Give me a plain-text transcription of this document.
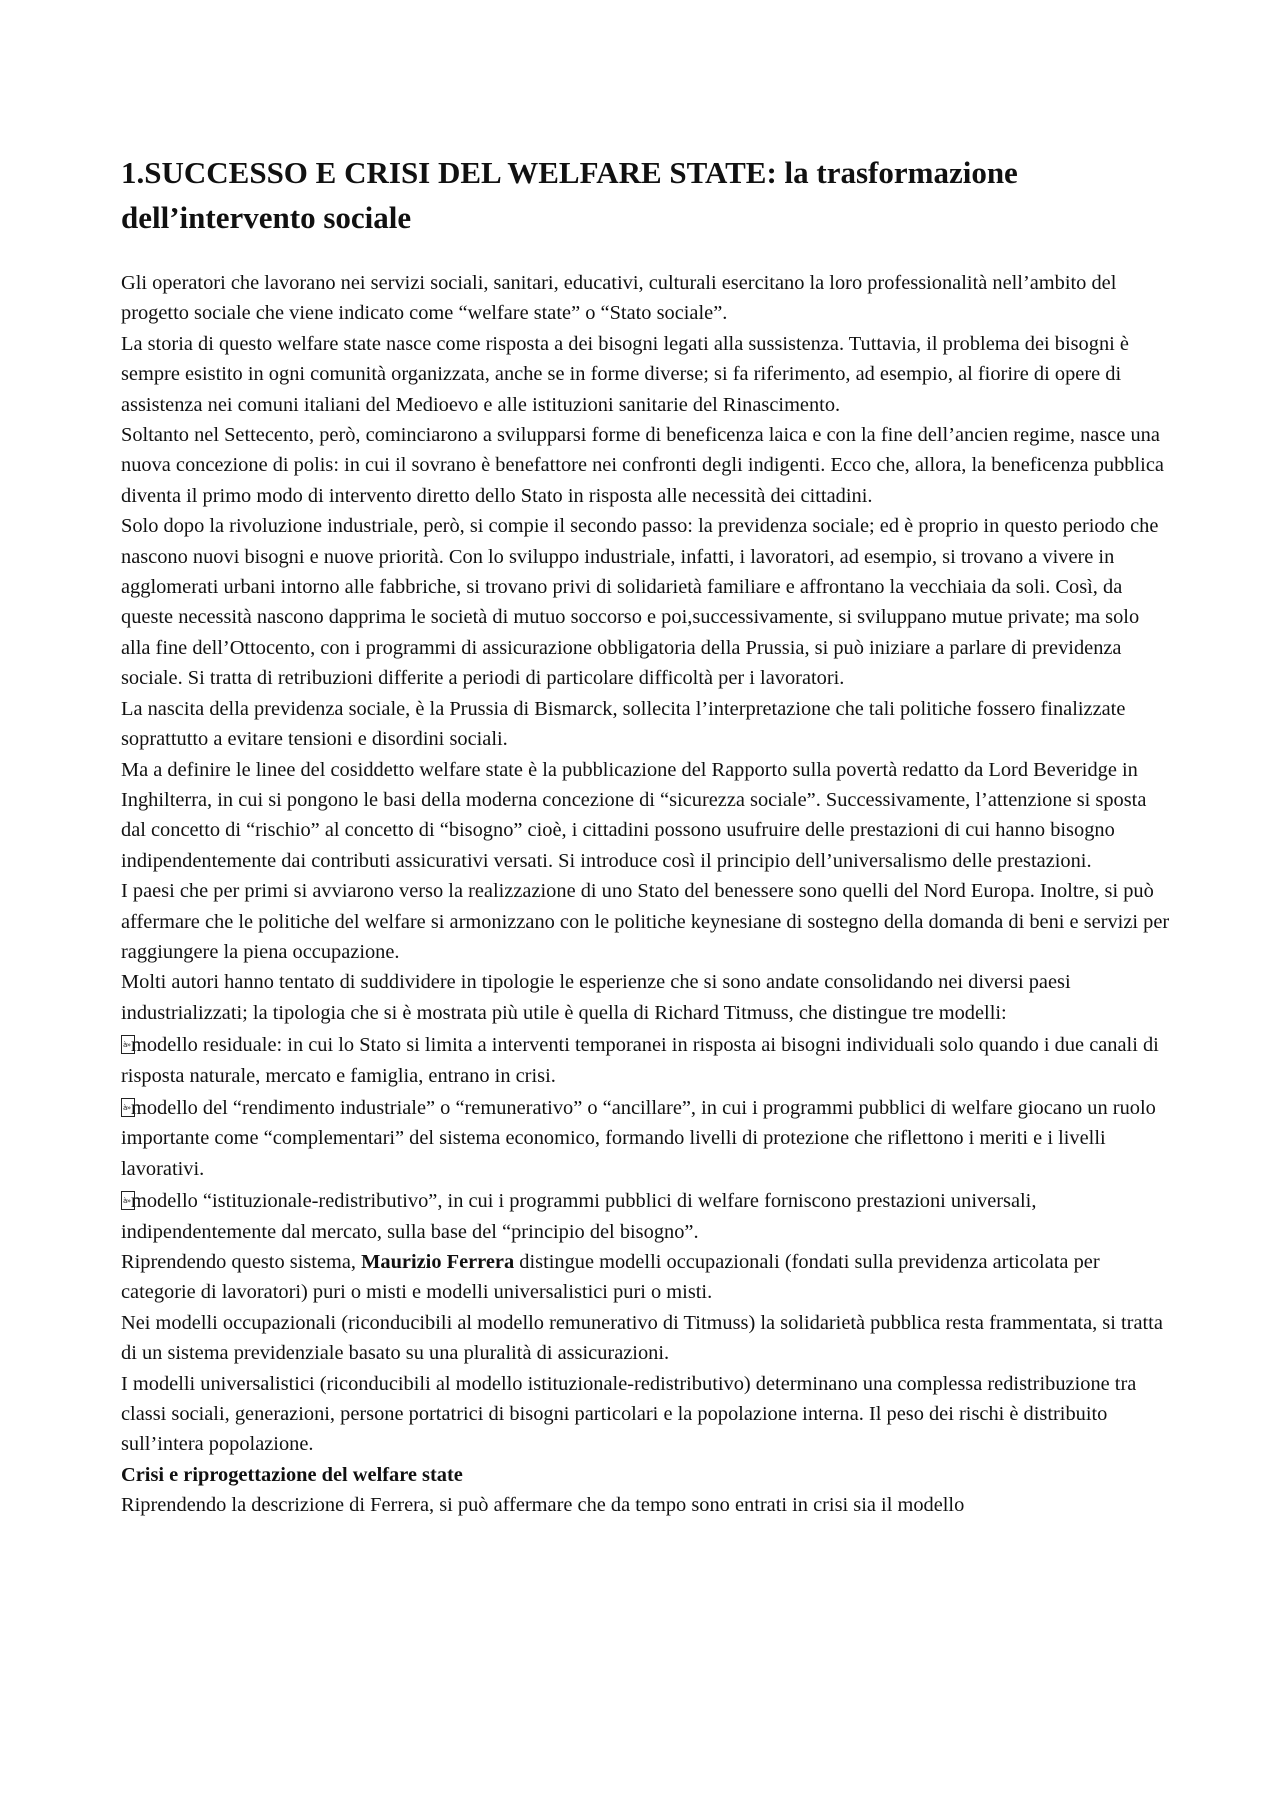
1.SUCCESSO E CRISI DEL WELFARE STATE: la trasformazione dell’intervento sociale

Gli operatori che lavorano nei servizi sociali, sanitari, educativi, culturali esercitano la loro professionalità nell’ambito del progetto sociale che viene indicato come “welfare state” o “Stato sociale”.

La storia di questo welfare state nasce come risposta a dei bisogni legati alla sussistenza. Tuttavia, il problema dei bisogni è sempre esistito in ogni comunità organizzata, anche se in forme diverse; si fa riferimento, ad esempio, al fiorire di opere di assistenza nei comuni italiani del Medioevo e alle istituzioni sanitarie del Rinascimento.

Soltanto nel Settecento, però, cominciarono a svilupparsi forme di beneficenza laica e con la fine dell’ancien regime, nasce una nuova concezione di polis: in cui il sovrano è benefattore nei confronti degli indigenti. Ecco che, allora, la beneficenza pubblica diventa il primo modo di intervento diretto dello Stato in risposta alle necessità dei cittadini.

Solo dopo la rivoluzione industriale, però, si compie il secondo passo: la previdenza sociale; ed è proprio in questo periodo che nascono nuovi bisogni e nuove priorità. Con lo sviluppo industriale, infatti, i lavoratori, ad esempio, si trovano a vivere in agglomerati urbani intorno alle fabbriche, si trovano privi di solidarietà familiare e affrontano la vecchiaia da soli. Così, da queste necessità nascono dapprima le società di mutuo soccorso e poi,successivamente, si sviluppano mutue private; ma solo alla fine dell’Ottocento, con i programmi di assicurazione obbligatoria della Prussia, si può iniziare a parlare di previdenza sociale. Si tratta di retribuzioni differite a periodi di particolare difficoltà per i lavoratori.

La nascita della previdenza sociale, è la Prussia di Bismarck, sollecita l’interpretazione che tali politiche fossero finalizzate soprattutto a evitare tensioni e disordini sociali.

Ma a definire le linee del cosiddetto welfare state è la pubblicazione del Rapporto sulla povertà redatto da Lord Beveridge in Inghilterra, in cui si pongono le basi della moderna concezione di “sicurezza sociale”. Successivamente, l’attenzione si sposta dal concetto di “rischio” al concetto di “bisogno” cioè, i cittadini possono usufruire delle prestazioni di cui hanno bisogno indipendentemente dai contributi assicurativi versati. Si introduce così il principio dell’universalismo delle prestazioni.

I paesi che per primi si avviarono verso la realizzazione di uno Stato del benessere sono quelli del Nord Europa. Inoltre, si può affermare che le politiche del welfare si armonizzano con le politiche keynesiane di sostegno della domanda di beni e servizi per raggiungere la piena occupazione.

Molti autori hanno tentato di suddividere in tipologie le esperienze che si sono andate consolidando nei diversi paesi industrializzati; la tipologia che si è mostrata più utile è quella di Richard Titmuss, che distingue tre modelli:

à» modello residuale: in cui lo Stato si limita a interventi temporanei in risposta ai bisogni individuali solo quando i due canali di risposta naturale, mercato e famiglia, entrano in crisi.

à» modello del “rendimento industriale” o “remunerativo” o “ancillare”, in cui i programmi pubblici di welfare giocano un ruolo importante come “complementari” del sistema economico, formando livelli di protezione che riflettono i meriti e i livelli lavorativi.

à» modello “istituzionale-redistributivo”, in cui i programmi pubblici di welfare forniscono prestazioni universali, indipendentemente dal mercato, sulla base del “principio del bisogno”.

Riprendendo questo sistema, Maurizio Ferrera distingue modelli occupazionali (fondati sulla previdenza articolata per categorie di lavoratori) puri o misti e modelli universalistici puri o misti.

Nei modelli occupazionali (riconducibili al modello remunerativo di Titmuss) la solidarietà pubblica resta frammentata, si tratta di un sistema previdenziale basato su una pluralità di assicurazioni.

I modelli universalistici (riconducibili al modello istituzionale-redistributivo) determinano una complessa redistribuzione tra classi sociali, generazioni, persone portatrici di bisogni particolari e la popolazione interna. Il peso dei rischi è distribuito sull’intera popolazione.

Crisi e riprogettazione del welfare state

Riprendendo la descrizione di Ferrera, si può affermare che da tempo sono entrati in crisi sia il modello
